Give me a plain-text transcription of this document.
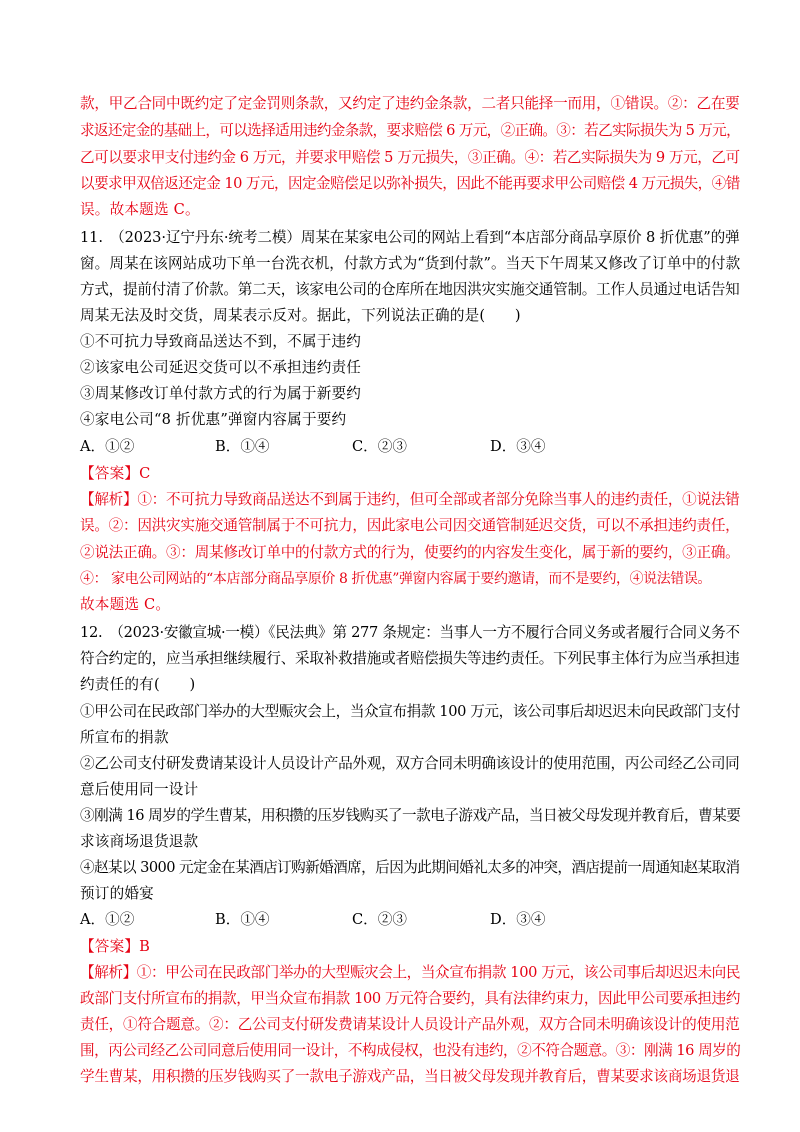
款，甲乙合同中既约定了定金罚则条款，又约定了违约金条款，二者只能择一而用，①错误。②：乙在要
求返还定金的基础上，可以选择适用违约金条款，要求赔偿 6 万元，②正确。③：若乙实际损失为 5 万元，
乙可以要求甲支付违约金 6 万元，并要求甲赔偿 5 万元损失，③正确。④：若乙实际损失为 9 万元，乙可
以要求甲双倍返还定金 10 万元，因定金赔偿足以弥补损失，因此不能再要求甲公司赔偿 4 万元损失，④错
误。故本题选 C。
11.　（2023·辽宁丹东·统考二模）周某在某家电公司的网站上看到“本店部分商品享原价 8 折优惠”的弹
窗。周某在该网站成功下单一台洗衣机，付款方式为“货到付款”。当天下午周某又修改了订单中的付款
方式，提前付清了价款。第二天，该家电公司的仓库所在地因洪灾实施交通管制。工作人员通过电话告知
周某无法及时交货，周某表示反对。据此，下列说法正确的是(　　)
①不可抗力导致商品送达不到，不属于违约
②该家电公司延迟交货可以不承担违约责任
③周某修改订单付款方式的行为属于新要约
④家电公司“8 折优惠”弹窗内容属于要约
A．①②	B．①④	C．②③	D．③④
【答案】C
【解析】①：不可抗力导致商品送达不到属于违约，但可全部或者部分免除当事人的违约责任，①说法错
误。②：因洪灾实施交通管制属于不可抗力，因此家电公司因交通管制延迟交货，可以不承担违约责任，
②说法正确。③：周某修改订单中的付款方式的行为，使要约的内容发生变化，属于新的要约，③正确。
④： 家电公司网站的“本店部分商品享原价 8 折优惠”弹窗内容属于要约邀请，而不是要约，④说法错误。
故本题选 C。
12.　（2023·安徽宣城·一模）《民法典》第 277 条规定：当事人一方不履行合同义务或者履行合同义务不
符合约定的，应当承担继续履行、采取补救措施或者赔偿损失等违约责任。下列民事主体行为应当承担违
约责任的有(　　)
①甲公司在民政部门举办的大型赈灾会上，当众宣布捐款 100 万元，该公司事后却迟迟未向民政部门支付
所宣布的捐款
②乙公司支付研发费请某设计人员设计产品外观，双方合同未明确该设计的使用范围，丙公司经乙公司同
意后使用同一设计
③刚满 16 周岁的学生曹某，用积攒的压岁钱购买了一款电子游戏产品，当日被父母发现并教育后，曹某要
求该商场退货退款
④赵某以 3000 元定金在某酒店订购新婚酒席，后因为此期间婚礼太多的冲突，酒店提前一周通知赵某取消
预订的婚宴
A．①②	B．①④	C．②③	D．③④
【答案】B
【解析】①：甲公司在民政部门举办的大型赈灾会上，当众宣布捐款 100 万元，该公司事后却迟迟未向民
政部门支付所宣布的捐款，甲当众宣布捐款 100 万元符合要约，具有法律约束力，因此甲公司要承担违约
责任，①符合题意。②：乙公司支付研发费请某设计人员设计产品外观，双方合同未明确该设计的使用范
围，丙公司经乙公司同意后使用同一设计，不构成侵权，也没有违约，②不符合题意。③：刚满 16 周岁的
学生曹某，用积攒的压岁钱购买了一款电子游戏产品，当日被父母发现并教育后，曹某要求该商场退货退
